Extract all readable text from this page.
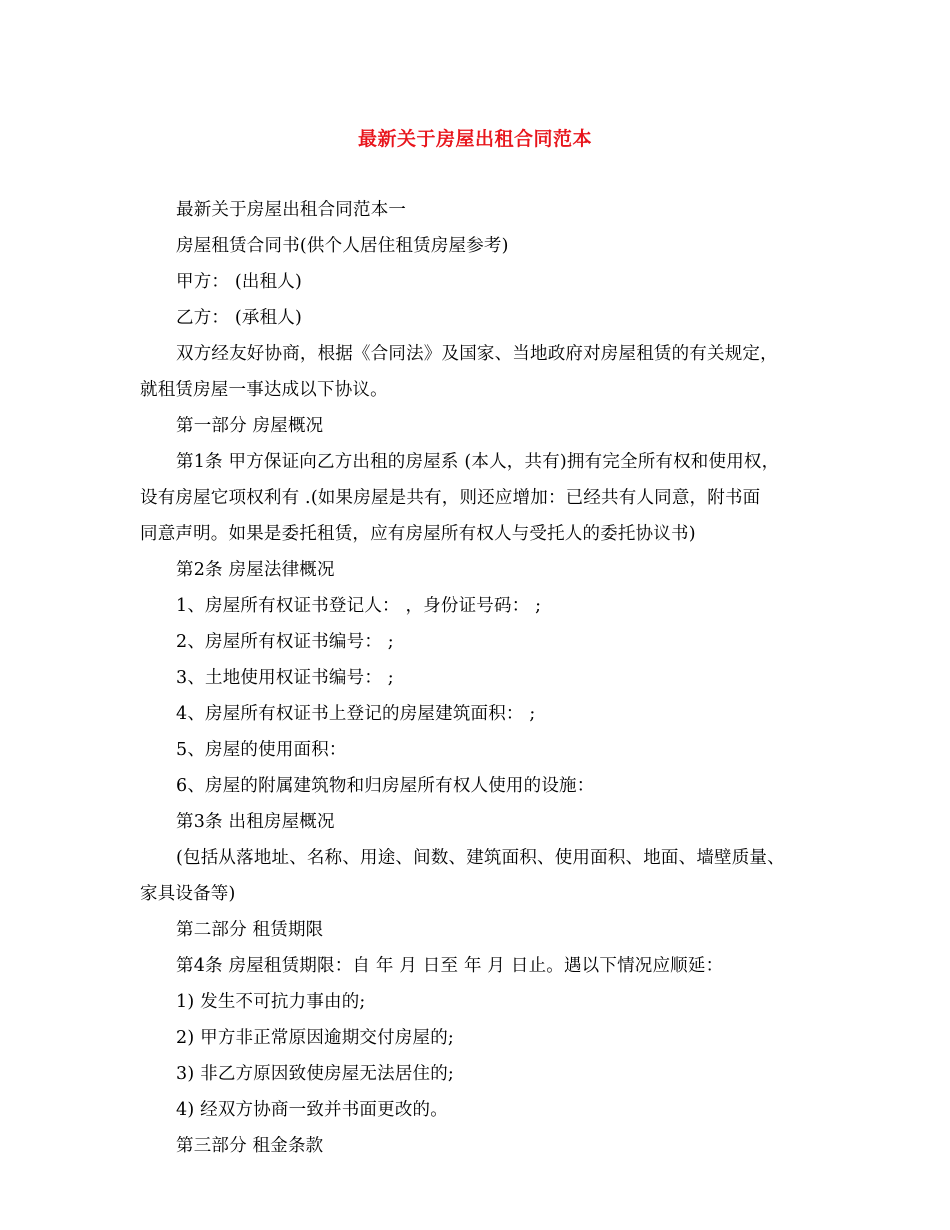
最新关于房屋出租合同范本
最新关于房屋出租合同范本一
房屋租赁合同书(供个人居住租赁房屋参考)
甲方： (出租人)
乙方： (承租人)
双方经友好协商，根据《合同法》及国家、当地政府对房屋租赁的有关规定，
就租赁房屋一事达成以下协议。
第一部分 房屋概况
第1条 甲方保证向乙方出租的房屋系 (本人，共有)拥有完全所有权和使用权，
设有房屋它项权利有 .(如果房屋是共有，则还应增加：已经共有人同意，附书面
同意声明。如果是委托租赁，应有房屋所有权人与受托人的委托协议书)
第2条 房屋法律概况
1、房屋所有权证书登记人： ，身份证号码： ;
2、房屋所有权证书编号： ;
3、土地使用权证书编号： ;
4、房屋所有权证书上登记的房屋建筑面积： ;
5、房屋的使用面积：
6、房屋的附属建筑物和归房屋所有权人使用的设施：
第3条 出租房屋概况
(包括从落地址、名称、用途、间数、建筑面积、使用面积、地面、墙壁质量、
家具设备等)
第二部分 租赁期限
第4条 房屋租赁期限：自 年 月 日至 年 月 日止。遇以下情况应顺延：
1) 发生不可抗力事由的;
2) 甲方非正常原因逾期交付房屋的;
3) 非乙方原因致使房屋无法居住的;
4) 经双方协商一致并书面更改的。
第三部分 租金条款
